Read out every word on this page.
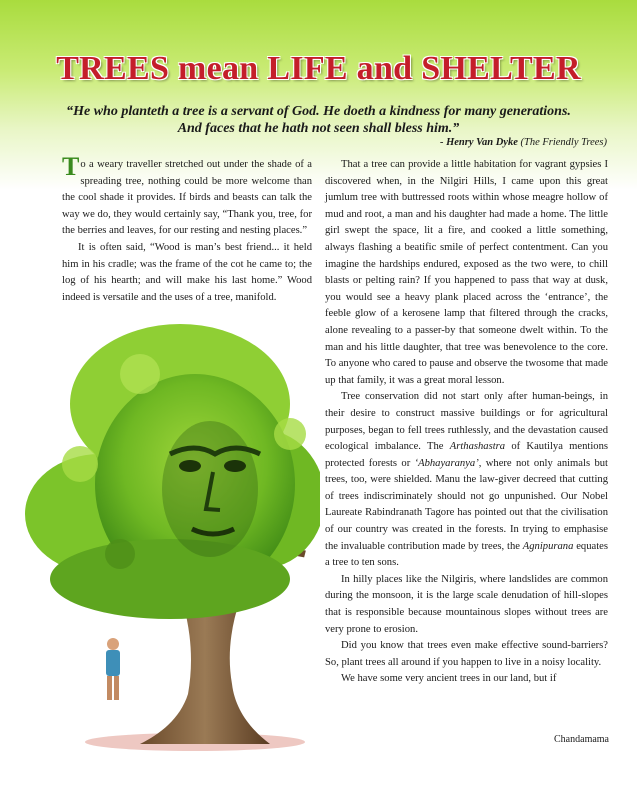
TREES mean LIFE and SHELTER
“He who planteth a tree is a servant of God. He doeth a kindness for many generations. And faces that he hath not seen shall bless him.”
- Henry Van Dyke (The Friendly Trees)

To a weary traveller stretched out under the shade of a spreading tree, nothing could be more welcome than the cool shade it provides. If birds and beasts can talk the way we do, they would certainly say, “Thank you, tree, for the berries and leaves, for our resting and nesting places.”

It is often said, “Wood is man’s best friend... it held him in his cradle; was the frame of the cot he came to; the log of his hearth; and will make his last home.” Wood indeed is versatile and the uses of a tree, manifold.

That a tree can provide a little habitation for vagrant gypsies I discovered when, in the Nilgiri Hills, I came upon this great jumlum tree with buttressed roots within whose meagre hollow of mud and root, a man and his daughter had made a home. The little girl swept the space, lit a fire, and cooked a little something, always flashing a beatific smile of perfect contentment. Can you imagine the hardships endured, exposed as the two were, to chill blasts or pelting rain? If you happened to pass that way at dusk, you would see a heavy plank placed across the ‘entrance’, the feeble glow of a kerosene lamp that filtered through the cracks, alone revealing to a passer-by that someone dwelt within. To the man and his little daughter, that tree was benevolence to the core. To anyone who cared to pause and observe the twosome that made up that family, it was a great moral lesson.

Tree conservation did not start only after human-beings, in their desire to construct massive buildings or for agricultural purposes, began to fell trees ruthlessly, and the devastation caused ecological imbalance. The Arthashastra of Kautilya mentions protected forests or ‘Abhayaranya’, where not only animals but trees, too, were shielded. Manu the law-giver decreed that cutting of trees indiscriminately should not go unpunished. Our Nobel Laureate Rabindranath Tagore has pointed out that the civilisation of our country was created in the forests. In trying to emphasise the invaluable contribution made by trees, the Agnipurana equates a tree to ten sons.

In hilly places like the Nilgiris, where landslides are common during the monsoon, it is the large scale denudation of hill-slopes that is responsible because mountainous slopes without trees are very prone to erosion.

Did you know that trees even make effective sound-barriers? So, plant trees all around if you happen to live in a noisy locality.

We have some very ancient trees in our land, but if

Chandamama
